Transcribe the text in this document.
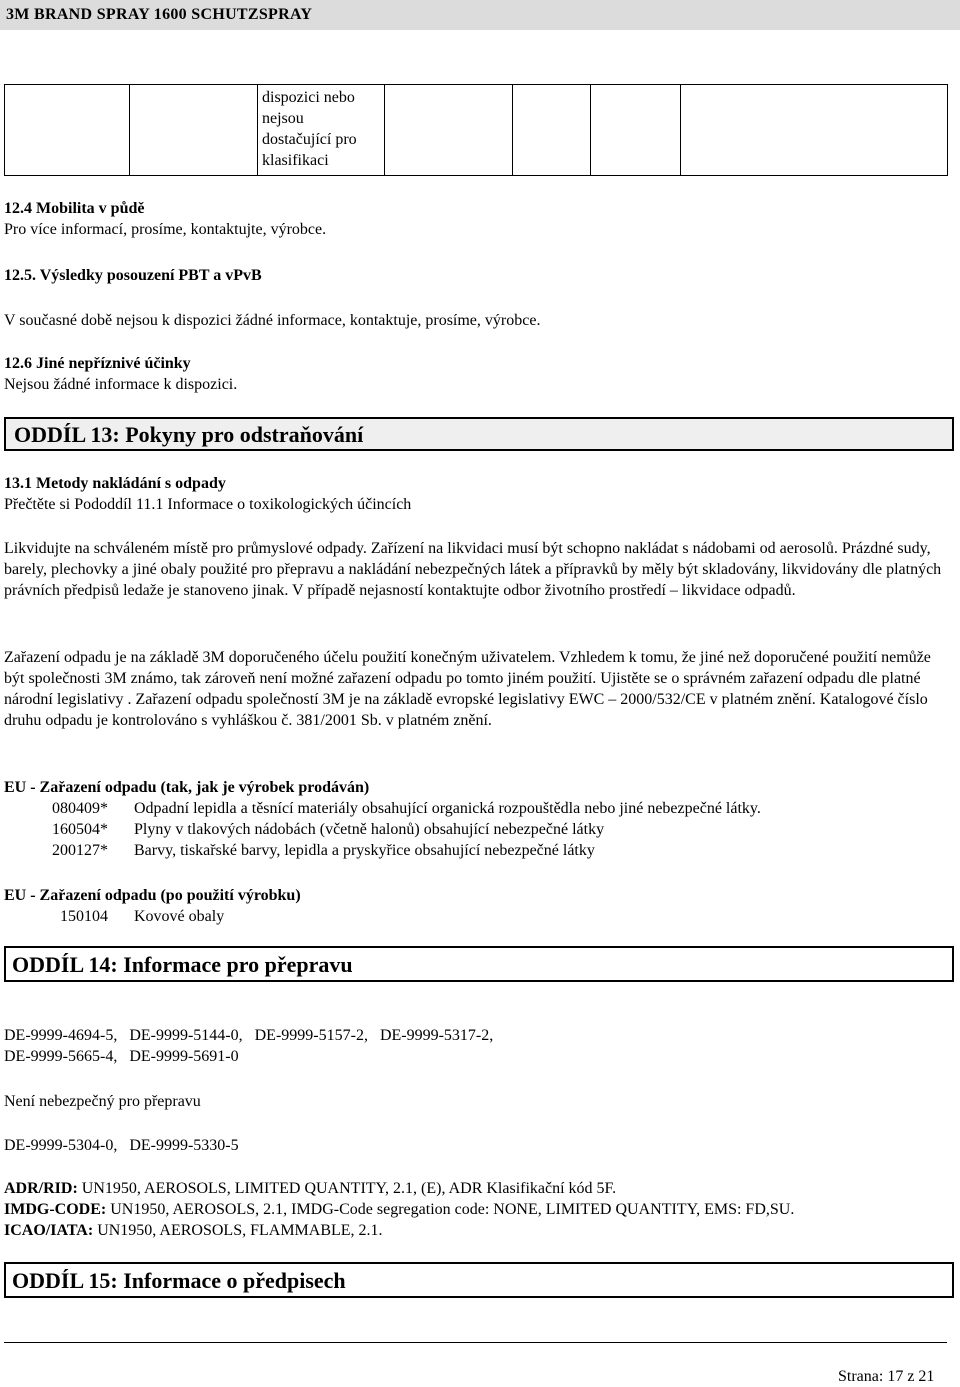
3M BRAND SPRAY 1600 SCHUTZSPRAY

dispozici nebo
nejsou
dostačující pro
klasifikaci

12.4 Mobilita v půdě
Pro více informací, prosíme, kontaktujte, výrobce.
12.5. Výsledky posouzení PBT a vPvB
V současné době nejsou k dispozici žádné informace, kontaktuje, prosíme, výrobce.
12.6 Jiné nepříznivé účinky
Nejsou žádné informace k dispozici.
ODDÍL 13: Pokyny pro odstraňování
13.1 Metody nakládání s odpady
Přečtěte si Pododdíl 11.1 Informace o toxikologických účincích
Likvidujte na schváleném místě pro průmyslové odpady. Zařízení na likvidaci musí být schopno nakládat s nádobami od aerosolů. Prázdné sudy, barely, plechovky a jiné obaly použité pro přepravu a nakládání nebezpečných látek a přípravků by měly být skladovány, likvidovány dle platných právních předpisů ledaže je stanoveno jinak. V případě nejasností kontaktujte odbor životního prostředí – likvidace odpadů.
Zařazení odpadu je na základě 3M doporučeného účelu použití konečným uživatelem. Vzhledem k tomu, že jiné než doporučené použití nemůže být společnosti 3M známo, tak zároveň není možné zařazení odpadu po tomto jiném použití. Ujistěte se o správném zařazení odpadu dle platné národní legislativy . Zařazení odpadu společností 3M je na základě evropské legislativy EWC – 2000/532/CE v platném znění. Katalogové číslo druhu odpadu je kontrolováno s vyhláškou č. 381/2001 Sb. v platném znění.
EU - Zařazení odpadu (tak, jak je výrobek prodáván)
080409*	Odpadní lepidla a těsnící materiály obsahující organická rozpouštědla nebo jiné nebezpečné látky.
160504*	Plyny v tlakových nádobách (včetně halonů) obsahující nebezpečné látky
200127*	Barvy, tiskařské barvy, lepidla a pryskyřice obsahující nebezpečné látky
EU - Zařazení odpadu (po použití výrobku)
150104	Kovové obaly
ODDÍL 14: Informace pro přepravu
DE-9999-4694-5,   DE-9999-5144-0,   DE-9999-5157-2,   DE-9999-5317-2,
DE-9999-5665-4,   DE-9999-5691-0
Není nebezpečný pro přepravu
DE-9999-5304-0,   DE-9999-5330-5
ADR/RID: UN1950, AEROSOLS, LIMITED QUANTITY, 2.1, (E), ADR Klasifikační kód 5F.
IMDG-CODE: UN1950, AEROSOLS, 2.1, IMDG-Code segregation code: NONE, LIMITED QUANTITY, EMS: FD,SU.
ICAO/IATA: UN1950, AEROSOLS, FLAMMABLE, 2.1.
ODDÍL 15: Informace o předpisech
Strana: 17 z 21
